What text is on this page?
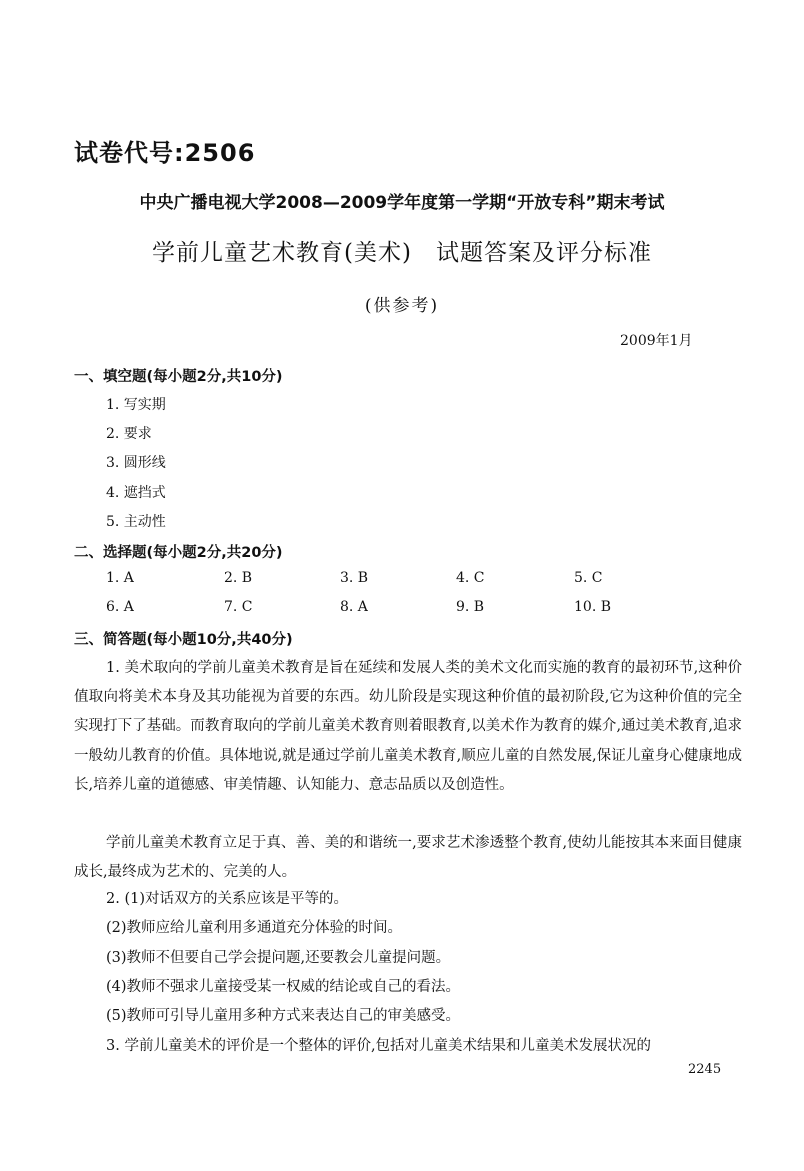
试卷代号:2506
中央广播电视大学2008—2009学年度第一学期“开放专科”期末考试
学前儿童艺术教育(美术)　试题答案及评分标准
(供参考)
2009年1月
一、填空题(每小题2分,共10分)
1. 写实期
2. 要求
3. 圆形线
4. 遮挡式
5. 主动性
二、选择题(每小题2分,共20分)
1. A	2. B	3. B	4. C	5. C
6. A	7. C	8. A	9. B	10. B
三、简答题(每小题10分,共40分)
1. 美术取向的学前儿童美术教育是旨在延续和发展人类的美术文化而实施的教育的最初环节,这种价值取向将美术本身及其功能视为首要的东西。幼儿阶段是实现这种价值的最初阶段,它为这种价值的完全实现打下了基础。而教育取向的学前儿童美术教育则着眼教育,以美术作为教育的媒介,通过美术教育,追求一般幼儿教育的价值。具体地说,就是通过学前儿童美术教育,顺应儿童的自然发展,保证儿童身心健康地成长,培养儿童的道德感、审美情趣、认知能力、意志品质以及创造性。
学前儿童美术教育立足于真、善、美的和谐统一,要求艺术渗透整个教育,使幼儿能按其本来面目健康成长,最终成为艺术的、完美的人。
2. (1)对话双方的关系应该是平等的。
(2)教师应给儿童利用多通道充分体验的时间。
(3)教师不但要自己学会提问题,还要教会儿童提问题。
(4)教师不强求儿童接受某一权威的结论或自己的看法。
(5)教师可引导儿童用多种方式来表达自己的审美感受。
3. 学前儿童美术的评价是一个整体的评价,包括对儿童美术结果和儿童美术发展状况的
2245
